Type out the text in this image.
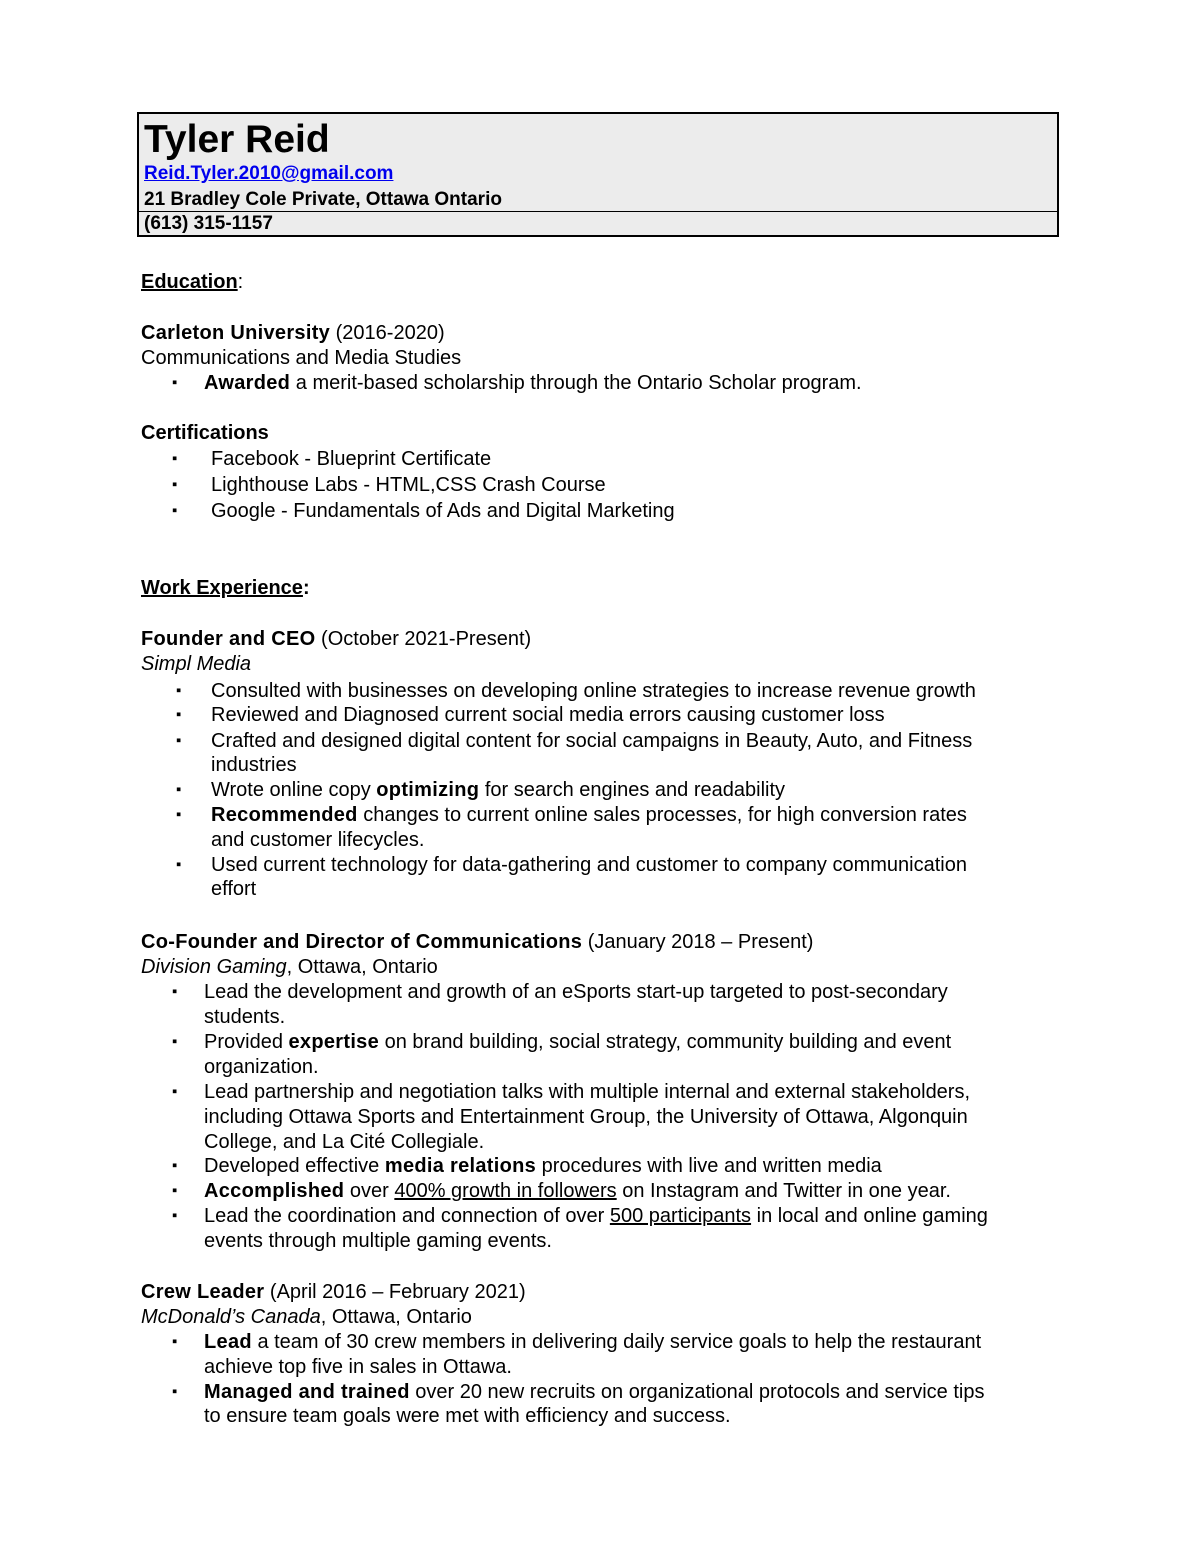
Tyler Reid
Reid.Tyler.2010@gmail.com
21 Bradley Cole Private, Ottawa Ontario
(613) 315-1157
Education:
Carleton University (2016-2020)
Communications and Media Studies
▪ Awarded a merit-based scholarship through the Ontario Scholar program.
Certifications
▪ Facebook - Blueprint Certificate
▪ Lighthouse Labs - HTML,CSS Crash Course
▪ Google - Fundamentals of Ads and Digital Marketing
Work Experience:
Founder and CEO (October 2021-Present)
Simpl Media
▪ Consulted with businesses on developing online strategies to increase revenue growth
▪ Reviewed and Diagnosed current social media errors causing customer loss
▪ Crafted and designed digital content for social campaigns in Beauty, Auto, and Fitness
industries
▪ Wrote online copy optimizing for search engines and readability
▪ Recommended changes to current online sales processes, for high conversion rates
and customer lifecycles.
▪ Used current technology for data-gathering and customer to company communication
effort
Co-Founder and Director of Communications (January 2018 – Present)
Division Gaming, Ottawa, Ontario
▪ Lead the development and growth of an eSports start-up targeted to post-secondary
students.
▪ Provided expertise on brand building, social strategy, community building and event
organization.
▪ Lead partnership and negotiation talks with multiple internal and external stakeholders,
including Ottawa Sports and Entertainment Group, the University of Ottawa, Algonquin
College, and La Cité Collegiale.
▪ Developed effective media relations procedures with live and written media
▪ Accomplished over 400% growth in followers on Instagram and Twitter in one year.
▪ Lead the coordination and connection of over 500 participants in local and online gaming
events through multiple gaming events.
Crew Leader (April 2016 – February 2021)
McDonald’s Canada, Ottawa, Ontario
▪ Lead a team of 30 crew members in delivering daily service goals to help the restaurant
achieve top five in sales in Ottawa.
▪ Managed and trained over 20 new recruits on organizational protocols and service tips
to ensure team goals were met with efficiency and success.
